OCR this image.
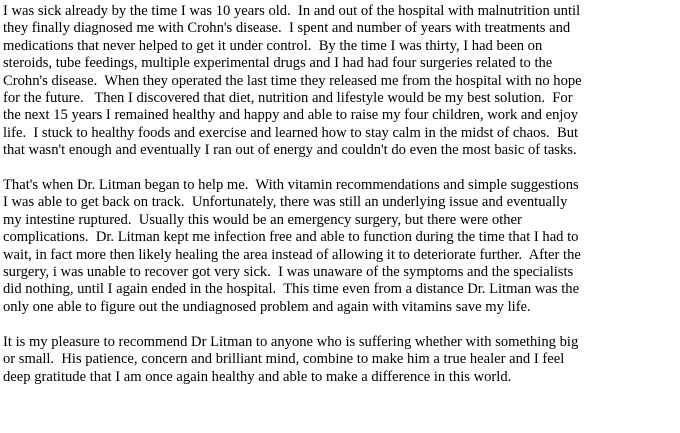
I was sick already by the time I was 10 years old.  In and out of the hospital with malnutrition until
they finally diagnosed me with Crohn's disease.  I spent and number of years with treatments and
medications that never helped to get it under control.  By the time I was thirty, I had been on
steroids, tube feedings, multiple experimental drugs and I had had four surgeries related to the
Crohn's disease.  When they operated the last time they released me from the hospital with no hope
for the future.   Then I discovered that diet, nutrition and lifestyle would be my best solution.  For
the next 15 years I remained healthy and happy and able to raise my four children, work and enjoy
life.  I stuck to healthy foods and exercise and learned how to stay calm in the midst of chaos.  But
that wasn't enough and eventually I ran out of energy and couldn't do even the most basic of tasks.
That's when Dr. Litman began to help me.  With vitamin recommendations and simple suggestions
I was able to get back on track.  Unfortunately, there was still an underlying issue and eventually
my intestine ruptured.  Usually this would be an emergency surgery, but there were other
complications.  Dr. Litman kept me infection free and able to function during the time that I had to
wait, in fact more then likely healing the area instead of allowing it to deteriorate further.  After the
surgery, i was unable to recover got very sick.  I was unaware of the symptoms and the specialists
did nothing, until I again ended in the hospital.  This time even from a distance Dr. Litman was the
only one able to figure out the undiagnosed problem and again with vitamins save my life.
It is my pleasure to recommend Dr Litman to anyone who is suffering whether with something big
or small.  His patience, concern and brilliant mind, combine to make him a true healer and I feel
deep gratitude that I am once again healthy and able to make a difference in this world.
